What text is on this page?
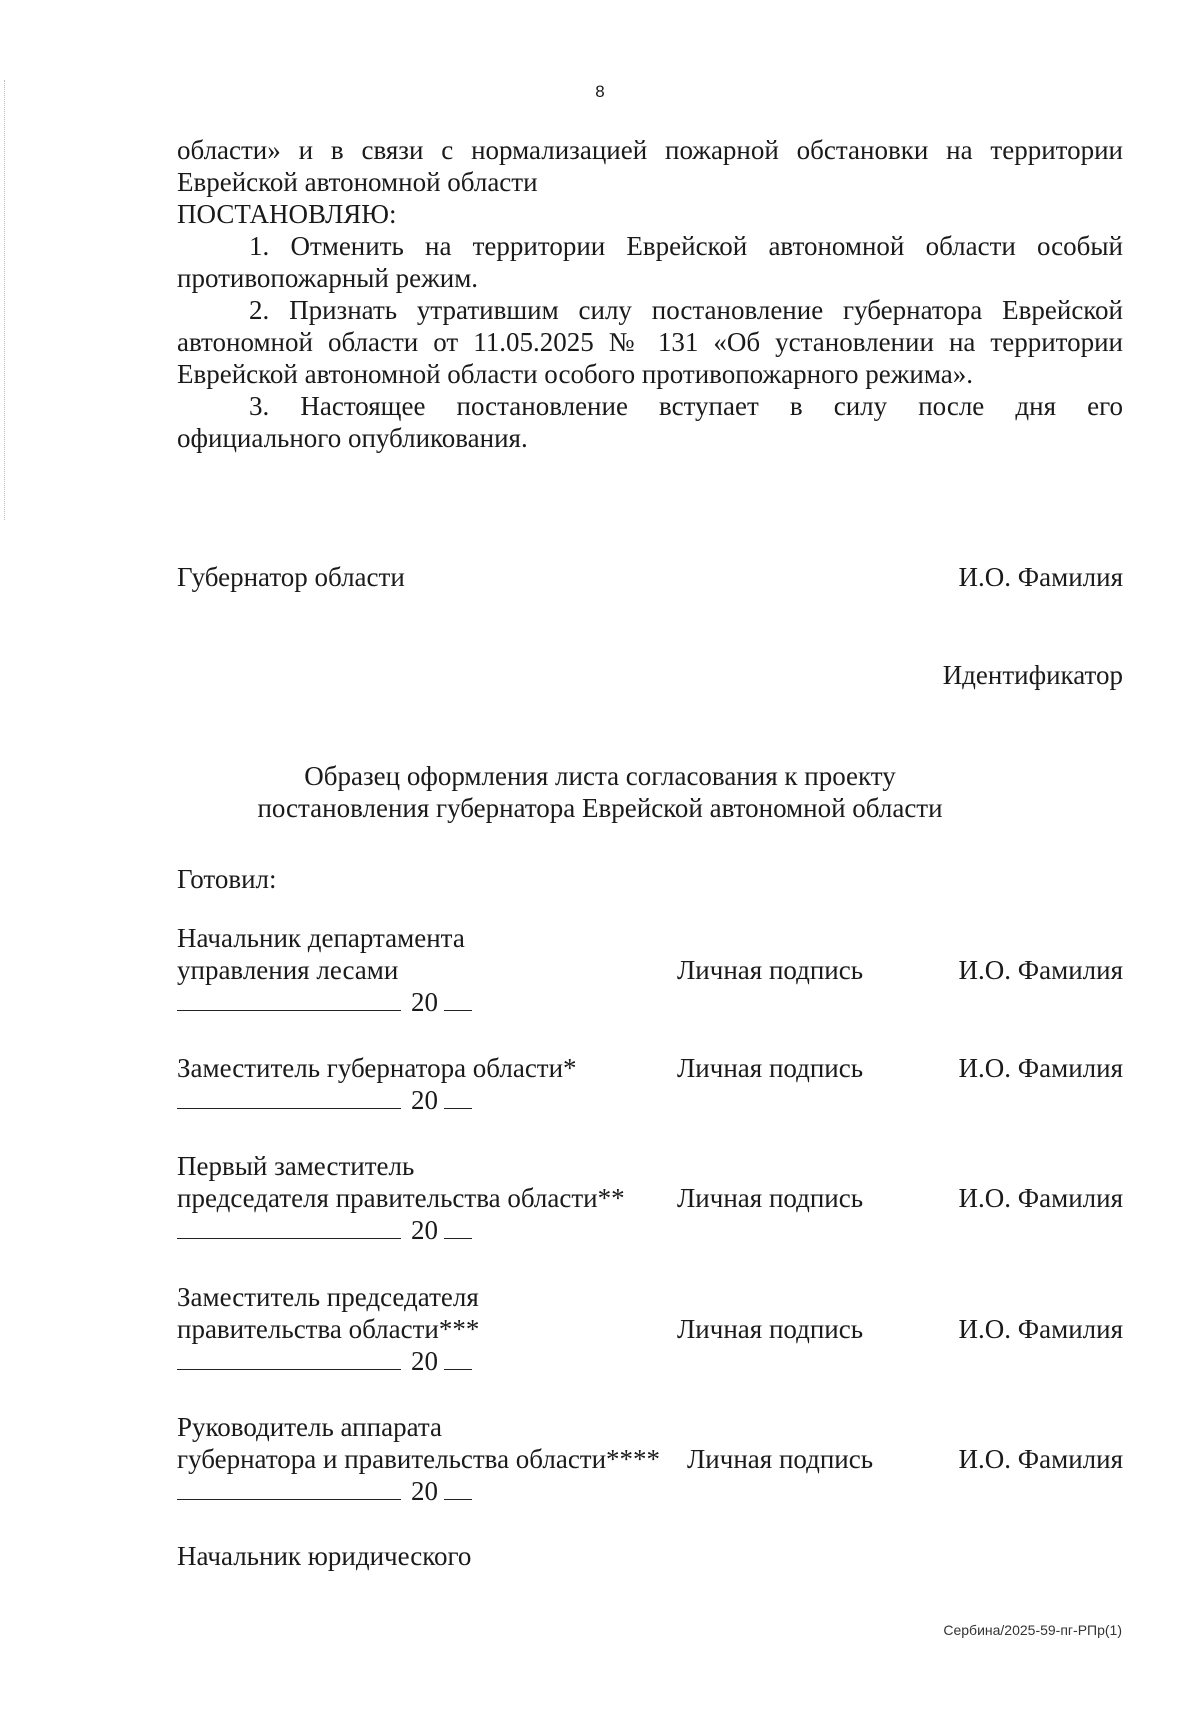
8

области» и в связи с нормализацией пожарной обстановки на территории

Еврейской автономной области

ПОСТАНОВЛЯЮ:

1. Отменить на территории Еврейской автономной области особый

противопожарный режим.

2. Признать утратившим силу постановление губернатора Еврейской

автономной области от 11.05.2025 № 131 «Об установлении на территории

Еврейской автономной области особого противопожарного режима».

3. Настоящее постановление вступает в силу после дня его

официального опубликования.

Губернатор области	И.О. Фамилия
Идентификатор
Образец оформления листа согласования к проекту
постановления губернатора Еврейской автономной области
Готовил:
Начальник департамента
управления лесами	Личная подпись	И.О. Фамилия
20
Заместитель губернатора области*	Личная подпись	И.О. Фамилия
20
Первый заместитель
председателя правительства области**	Личная подпись	И.О. Фамилия
20
Заместитель председателя
правительства области***	Личная подпись	И.О. Фамилия
20
Руководитель аппарата
губернатора и правительства области**** Личная подпись	И.О. Фамилия
20
Начальник юридического
Сербина/2025-59-пг-РПр(1)
